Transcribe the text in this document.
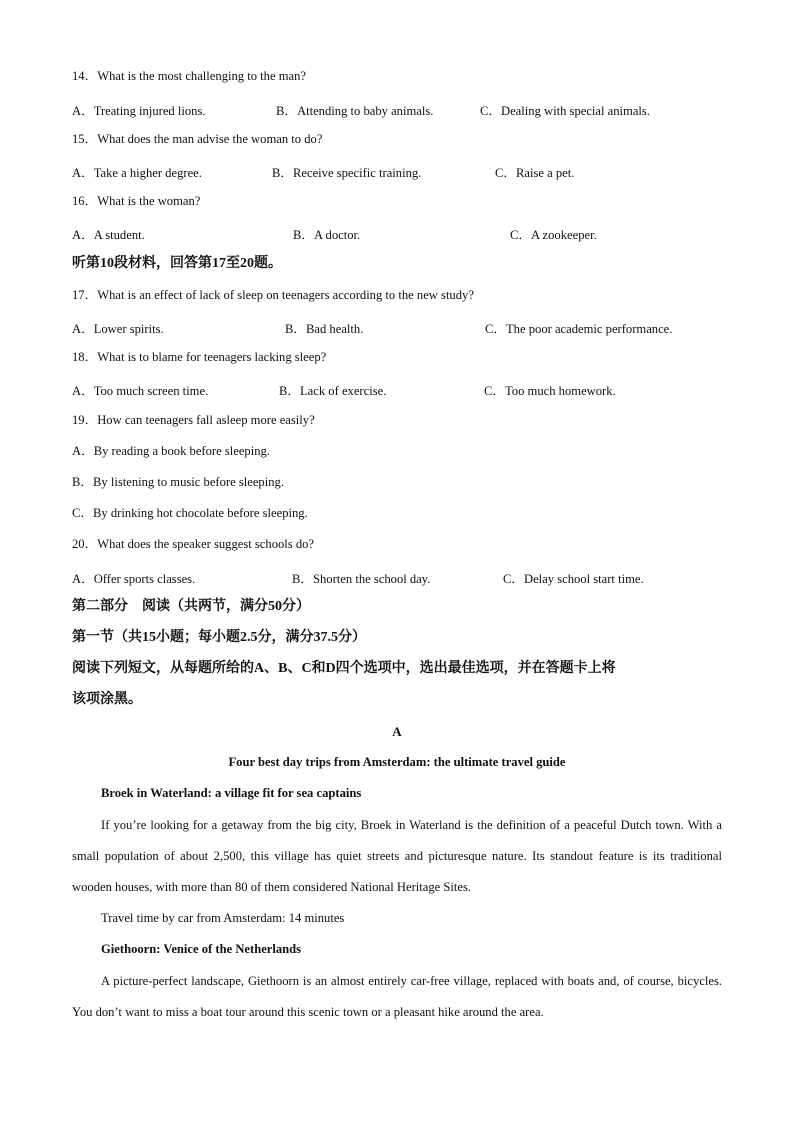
14．What is the most challenging to the man?
A．Treating injured lions.	B．Attending to baby animals.	C．Dealing with special animals.
15．What does the man advise the woman to do?
A．Take a higher degree.	B．Receive specific training.	C．Raise a pet.
16．What is the woman?
A．A student.	B．A doctor.	C．A zookeeper.
听第10段材料，回答第17至20题。
17．What is an effect of lack of sleep on teenagers according to the new study?
A．Lower spirits.	B．Bad health.	C．The poor academic performance.
18．What is to blame for teenagers lacking sleep?
A．Too much screen time.	B．Lack of exercise.	C．Too much homework.
19．How can teenagers fall asleep more easily?
A．By reading a book before sleeping.
B．By listening to music before sleeping.
C．By drinking hot chocolate before sleeping.
20．What does the speaker suggest schools do?
A．Offer sports classes.	B．Shorten the school day.	C．Delay school start time.
第二部分　阅读（共两节，满分50分）
第一节（共15小题；每小题2.5分，满分37.5分）
阅读下列短文，从每题所给的A、B、C和D四个选项中，选出最佳选项，并在答题卡上将
该项涂黑。
A
Four best day trips from Amsterdam: the ultimate travel guide
Broek in Waterland: a village fit for sea captains
If you’re looking for a getaway from the big city, Broek in Waterland is the definition of a peaceful Dutch town. With a small population of about 2,500, this village has quiet streets and picturesque nature. Its standout feature is its traditional wooden houses, with more than 80 of them considered National Heritage Sites.
Travel time by car from Amsterdam: 14 minutes
Giethoorn: Venice of the Netherlands
A picture-perfect landscape, Giethoorn is an almost entirely car-free village, replaced with boats and, of course, bicycles. You don’t want to miss a boat tour around this scenic town or a pleasant hike around the area.
